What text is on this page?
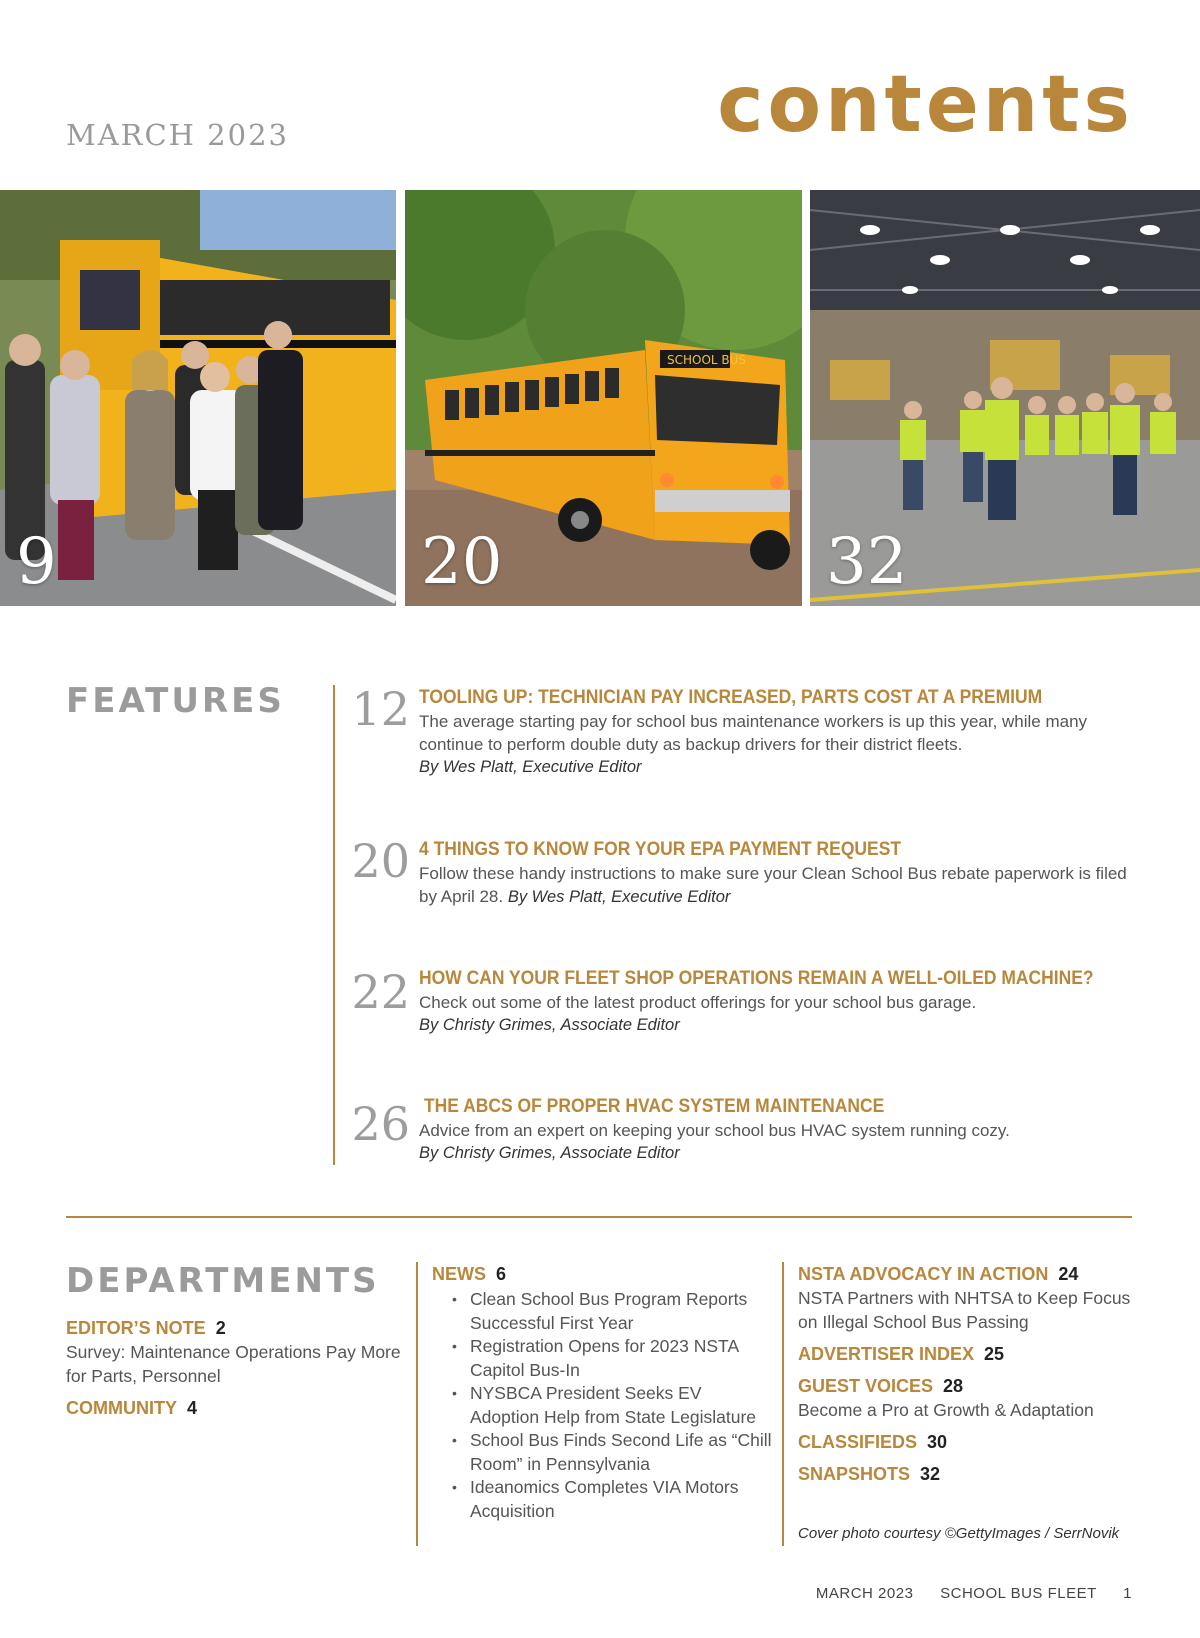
MARCH 2023	contents
9
SCHOOL BUS
20	32
FEATURES 12 TOOLING UP: TECHNICIAN PAY INCREASED, PARTS COST AT A PREMIUM
The average starting pay for school bus maintenance workers is up this year, while many continue to perform double duty as backup drivers for their district fleets.
By Wes Platt, Executive Editor
20 4 THINGS TO KNOW FOR YOUR EPA PAYMENT REQUEST
Follow these handy instructions to make sure your Clean School Bus rebate paperwork is filed by April 28. By Wes Platt, Executive Editor
22 HOW CAN YOUR FLEET SHOP OPERATIONS REMAIN A WELL-OILED MACHINE?
Check out some of the latest product offerings for your school bus garage.
By Christy Grimes, Associate Editor
26 THE ABCS OF PROPER HVAC SYSTEM MAINTENANCE
Advice from an expert on keeping your school bus HVAC system running cozy.
By Christy Grimes, Associate Editor
DEPARTMENTS
EDITOR’S NOTE 2
Survey: Maintenance Operations Pay More for Parts, Personnel
COMMUNITY 4
NEWS 6
• Clean School Bus Program Reports Successful First Year
• Registration Opens for 2023 NSTA Capitol Bus-In
• NYSBCA President Seeks EV Adoption Help from State Legislature
• School Bus Finds Second Life as “Chill Room” in Pennsylvania
• Ideanomics Completes VIA Motors Acquisition
NSTA ADVOCACY IN ACTION 24
NSTA Partners with NHTSA to Keep Focus on Illegal School Bus Passing
ADVERTISER INDEX 25
GUEST VOICES 28
Become a Pro at Growth & Adaptation
CLASSIFIEDS 30
SNAPSHOTS 32
Cover photo courtesy ©GettyImages / SerrNovik
MARCH 2023 SCHOOL BUS FLEET 1
